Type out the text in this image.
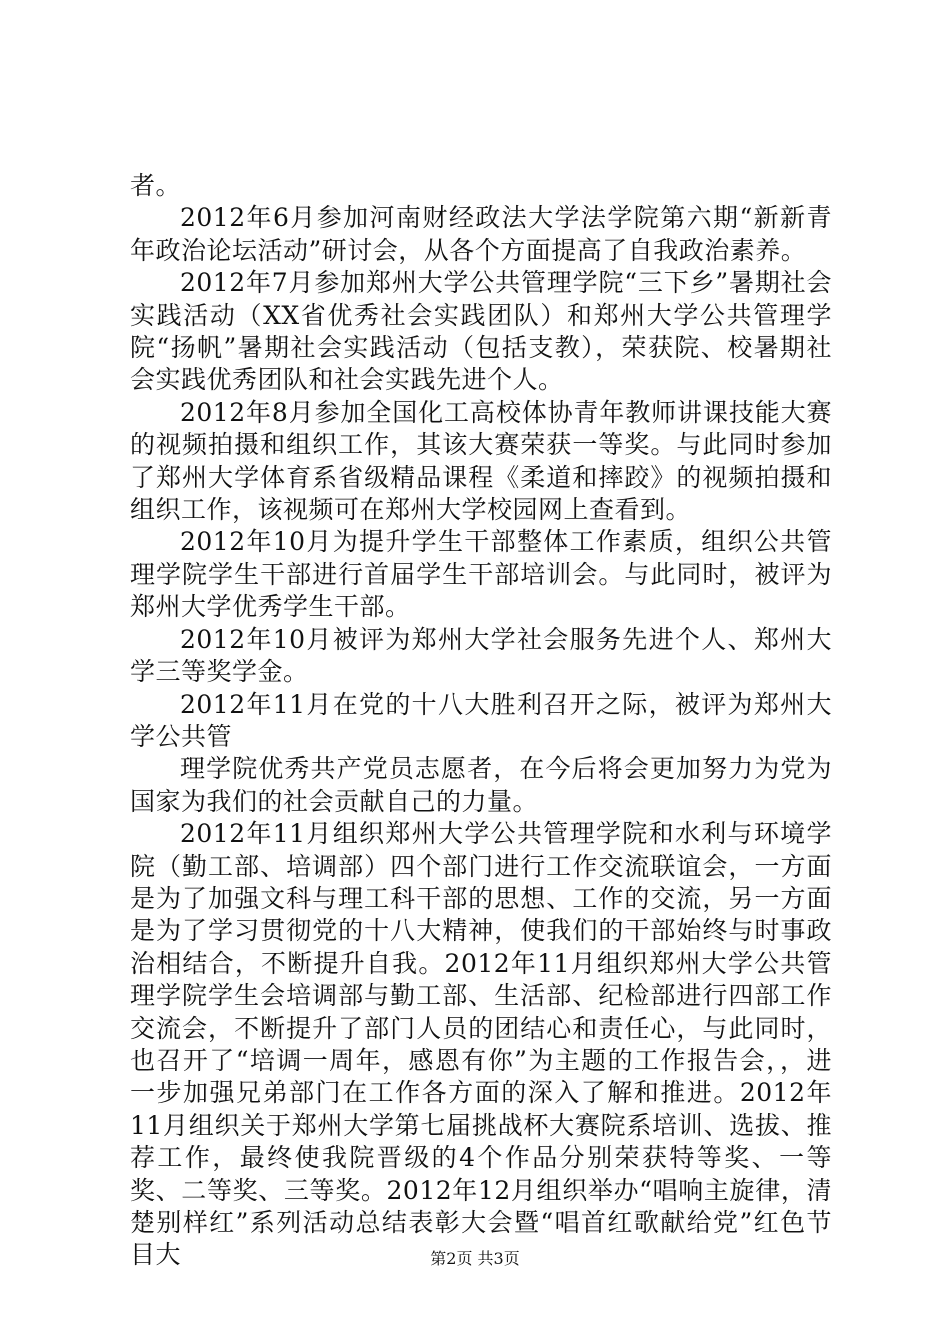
者。

2012年6月参加河南财经政法大学法学院第六期“新新青年政治论坛活动”研讨会，从各个方面提高了自我政治素养。

2012年7月参加郑州大学公共管理学院“三下乡”暑期社会实践活动（XX省优秀社会实践团队）和郑州大学公共管理学院“扬帆”暑期社会实践活动（包括支教），荣获院、校暑期社会实践优秀团队和社会实践先进个人。

2012年8月参加全国化工高校体协青年教师讲课技能大赛的视频拍摄和组织工作，其该大赛荣获一等奖。与此同时参加了郑州大学体育系省级精品课程《柔道和摔跤》的视频拍摄和组织工作，该视频可在郑州大学校园网上查看到。

2012年10月为提升学生干部整体工作素质，组织公共管理学院学生干部进行首届学生干部培训会。与此同时，被评为郑州大学优秀学生干部。

2012年10月被评为郑州大学社会服务先进个人、郑州大学三等奖学金。

2012年11月在党的十八大胜利召开之际，被评为郑州大学公共管

理学院优秀共产党员志愿者，在今后将会更加努力为党为国家为我们的社会贡献自己的力量。

2012年11月组织郑州大学公共管理学院和水利与环境学院（勤工部、培调部）四个部门进行工作交流联谊会，一方面是为了加强文科与理工科干部的思想、工作的交流，另一方面是为了学习贯彻党的十八大精神，使我们的干部始终与时事政治相结合，不断提升自我。2012年11月组织郑州大学公共管理学院学生会培调部与勤工部、生活部、纪检部进行四部工作交流会，不断提升了部门人员的团结心和责任心，与此同时，也召开了“培调一周年，感恩有你”为主题的工作报告会，，进一步加强兄弟部门在工作各方面的深入了解和推进。2012年11月组织关于郑州大学第七届挑战杯大赛院系培训、选拔、推荐工作，最终使我院晋级的4个作品分别荣获特等奖、一等奖、二等奖、三等奖。2012年12月组织举办“唱响主旋律，清楚别样红”系列活动总结表彰大会暨“唱首红歌献给党”红色节目大	第2页 共3页
